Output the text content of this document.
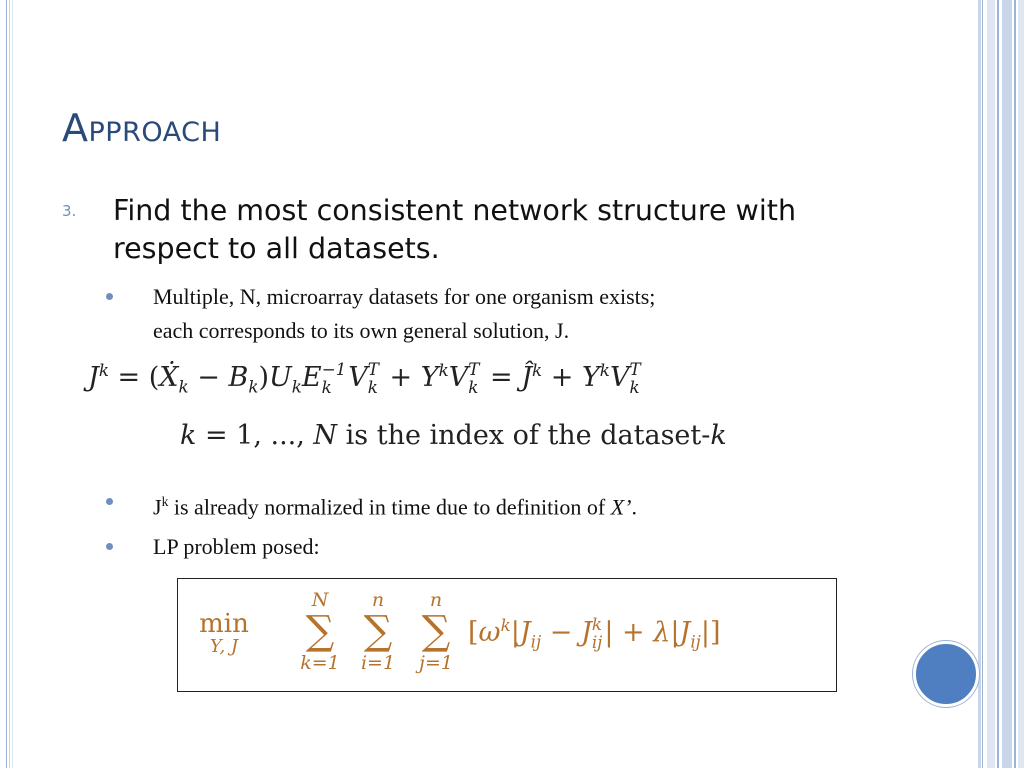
APPROACH
3. Find the most consistent network structure with respect to all datasets.
Multiple, N, microarray datasets for one organism exists;
each corresponds to its own general solution, J.
$J^k$ = (Ẋ$_k$ − $B_k)U_kE -1$
k V T
$k + Y^kV$ T
$k = Ĵ^k + Y^kV$ T
k
k = 1, ..., N is the index of the dataset-k
$J^k$ is already normalized in time due to definition of X’.
LP problem posed:
min
Y, J
N
∑
k=1
n
∑
i=1
n
∑
j=1
[$\omega^k|J_{ij} - J$ k
ij | + $\lambda|J_{ij}|$]
